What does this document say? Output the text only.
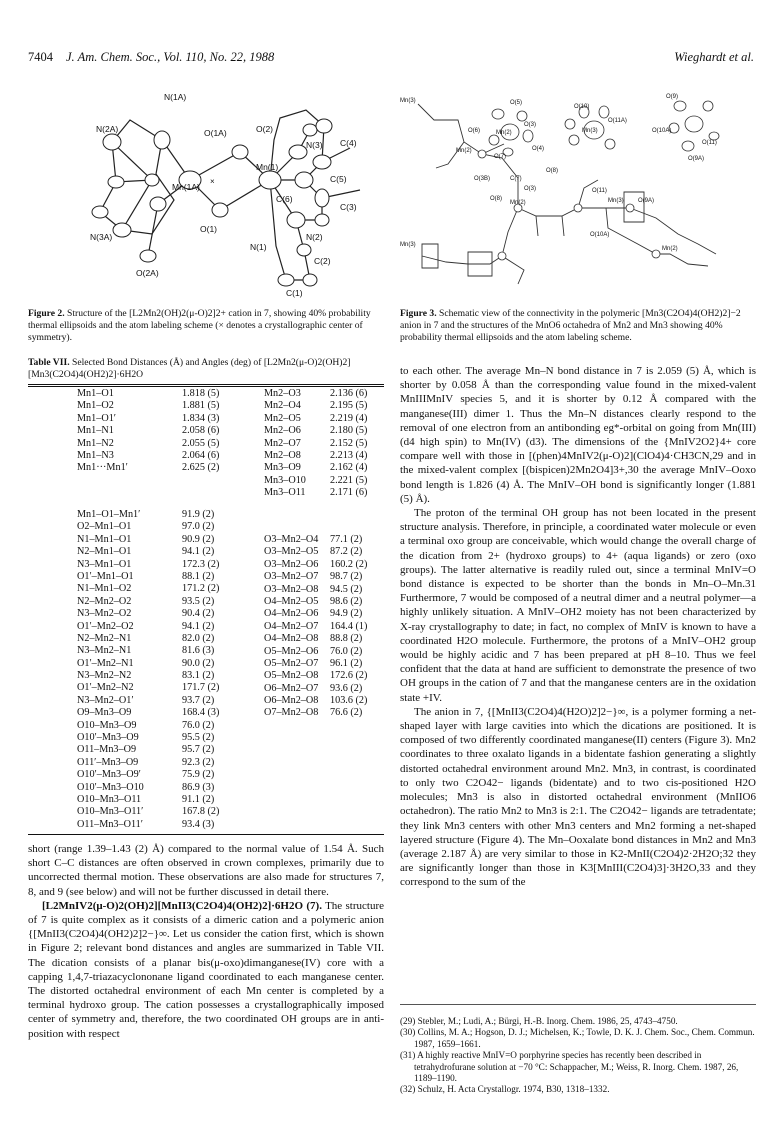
7404 J. Am. Chem. Soc., Vol. 110, No. 22, 1988	Wieghardt et al.
N(1A)
N(2A)	O(1A)	O(2)
N(3) C(4)
Mn(1A)
Mn(1)
C(6)
C(5)
C(3)
N(3A)
O(1)
N(2)
O(2A)
N(1)
C(2)
C(1)
×
Figure 2. Structure of the [L2Mn2(OH)2(μ-O)2]2+ cation in 7, showing 40% probability thermal ellipsoids and the atom labeling scheme (× denotes a crystallographic center of symmetry).
Table VII. Selected Bond Distances (Å) and Angles (deg) of [L2Mn2(μ-O)2(OH)2][Mn3(C2O4)4(OH2)2]·6H2O
Mn1–O1	1.818 (5)
Mn1–O2	1.881 (5)
Mn1–O1′	1.834 (3)
Mn1–N1	2.058 (6)
Mn1–N2	2.055 (5)
Mn1–N3	2.064 (6)
Mn1···Mn1′	2.625 (2)
Mn2–O3	2.136 (6)
Mn2–O4	2.195 (5)
Mn2–O5	2.219 (4)
Mn2–O6	2.180 (5)
Mn2–O7	2.152 (5)
Mn2–O8	2.213 (4)
Mn3–O9	2.162 (4)
Mn3–O10 2.221 (5)
Mn3–O11 2.171 (6)
Mn1–O1–Mn1′	91.9 (2)
O2–Mn1–O1	97.0 (2)
N1–Mn1–O1	90.9 (2)
N2–Mn1–O1	94.1 (2)
N3–Mn1–O1	172.3 (2)
O1′–Mn1–O1	88.1 (2)
N1–Mn1–O2	171.2 (2)
N2–Mn2–O2	93.5 (2)
N3–Mn2–O2	90.4 (2)
O1′–Mn2–O2	94.1 (2)
N2–Mn2–N1	82.0 (2)
N3–Mn2–N1	81.6 (3)
O1′–Mn2–N1	90.0 (2)
N3–Mn2–N2	83.1 (2)
O1′–Mn2–N2	171.7 (2)
N3–Mn2–O1′	93.7 (2)
O9–Mn3–O9	168.4 (3)
O10–Mn3–O9	76.0 (2)
O10′–Mn3–O9	95.5 (2)
O11–Mn3–O9	95.7 (2)
O11′–Mn3–O9	92.3 (2)
O10′–Mn3–O9′	75.9 (2)
O10′–Mn3–O10	86.9 (3)
O10–Mn3–O11	91.1 (2)
O10–Mn3–O11′	167.8 (2)
O11–Mn3–O11′	93.4 (3)
O3–Mn2–O4 77.1 (2)
O3–Mn2–O5 87.2 (2)
O3–Mn2–O6 160.2 (2)
O3–Mn2–O7 98.7 (2)
O3–Mn2–O8 94.5 (2)
O4–Mn2–O5 98.6 (2)
O4–Mn2–O6 94.9 (2)
O4–Mn2–O7 164.4 (1)
O4–Mn2–O8 88.8 (2)
O5–Mn2–O6 76.0 (2)
O5–Mn2–O7 96.1 (2)
O5–Mn2–O8 172.6 (2)
O6–Mn2–O7 93.6 (2)
O6–Mn2–O8 103.6 (2)
O7–Mn2–O8 76.6 (2)

short (range 1.39–1.43 (2) Å) compared to the normal value of 1.54 Å. Such short C–C distances are often observed in crown complexes, primarily due to uncorrected thermal motion. These observations are also made for structures 7, 8, and 9 (see below) and will not be further discussed in detail there.

[L2MnIV2(μ-O)2(OH)2][MnII3(C2O4)4(OH2)2]·6H2O (7). The structure of 7 is quite complex as it consists of a dimeric cation and a polymeric anion {[MnII3(C2O4)4(OH2)2]2−}∞. Let us consider the cation first, which is shown in Figure 2; relevant bond distances and angles are summarized in Table VII. The dication consists of a planar bis(μ-oxo)dimanganese(IV) core with a capping 1,4,7-triazacyclononane ligand coordinated to each manganese center. The distorted octahedral environment of each Mn center is completed by a terminal hydroxo group. The cation possesses a crystallographically imposed center of symmetry and, therefore, the two coordinated OH groups are in anti-position with respect

Mn(3)	O(5)
O(3)
Mn(2)
O(7)
O(6)
O(4)
Mn(3)
O(10)
O(11A)
O(9)
O(10A)
O(11)
O(9A)
O(8)
Mn(2)
O(3B)
O(8)
O(3)
C(7)
O(11)
Mn(2)	Mn(3) O(9A)
O(10A)
Mn(3)
Mn(2)
Figure 3. Schematic view of the connectivity in the polymeric [Mn3(C2O4)4(OH2)2]−2 anion in 7 and the structures of the MnO6 octahedra of Mn2 and Mn3 showing 40% probability thermal ellipsoids and the atom labeling scheme.

to each other. The average Mn–N bond distance in 7 is 2.059 (5) Å, which is shorter by 0.058 Å than the corresponding value found in the mixed-valent MnIIIMnIV species 5, and it is shorter by 0.12 Å compared with the manganese(III) dimer 1. Thus the Mn–N distances clearly respond to the removal of one electron from an antibonding eg*-orbital on going from Mn(III) (d4 high spin) to Mn(IV) (d3). The dimensions of the {MnIV2O2}4+ core compare well with those in [(phen)4MnIV2(μ-O)2](ClO4)4·CH3CN,29 and in the mixed-valent complex [(bispicen)2Mn2O4]3+,30 the average MnIV–Ooxo bond length is 1.826 (4) Å. The MnIV–OH bond is significantly longer (1.881 (5) Å).

The proton of the terminal OH group has not been located in the present structure analysis. Therefore, in principle, a coordinated water molecule or even a terminal oxo group are conceivable, which would change the overall charge of the dication from 2+ (hydroxo groups) to 4+ (aqua ligands) or zero (oxo groups). The latter alternative is readily ruled out, since a terminal MnIV=O bond distance is expected to be shorter than the bonds in Mn–O–Mn.31 Furthermore, 7 would be composed of a neutral dimer and a neutral polymer—a highly unlikely situation. A MnIV–OH2 moiety has not been characterized by X-ray crystallography to date; in fact, no complex of MnIV is known to have a coordinated H2O molecule. Furthermore, the protons of a MnIV–OH2 group would be highly acidic and 7 has been prepared at pH 8–10. Thus we feel confident that the data at hand are sufficient to demonstrate the presence of two OH groups in the cation of 7 and that the manganese centers are in the oxidation state +IV.

The anion in 7, {[MnII3(C2O4)4(H2O)2]2−}∞, is a polymer forming a net-shaped layer with large cavities into which the dications are positioned. It is composed of two differently coordinated manganese(II) centers (Figure 3). Mn2 coordinates to three oxalato ligands in a bidentate fashion generating a slightly distorted octahedral environment around Mn2. Mn3, in contrast, is coordinated to only two C2O42− ligands (bidentate) and to two cis-positioned H2O molecules; Mn3 is also in distorted octahedral environment (MnIIO6 octahedron). The ratio Mn2 to Mn3 is 2:1. The C2O42− ligands are tetradentate; they link Mn3 centers with other Mn3 centers and Mn2 forming a net-shaped layered structure (Figure 4). The Mn–Ooxalate bond distances in Mn2 and Mn3 (average 2.187 Å) are very similar to those in K2-MnII(C2O4)2·2H2O;32 they are significantly longer than those in K3[MnIII(C2O4)3]·3H2O,33 and they correspond to the sum of the

(29) Stebler, M.; Ludi, A.; Bürgi, H.-B. Inorg. Chem. 1986, 25, 4743–4750.
(30) Collins, M. A.; Hogson, D. J.; Michelsen, K.; Towle, D. K. J. Chem. Soc., Chem. Commun. 1987, 1659–1661.
(31) A highly reactive MnIV=O porphyrine species has recently been described in tetrahydrofurane solution at −70 °C: Schappacher, M.; Weiss, R. Inorg. Chem. 1987, 26, 1189–1190.
(32) Schulz, H. Acta Crystallogr. 1974, B30, 1318–1332.
